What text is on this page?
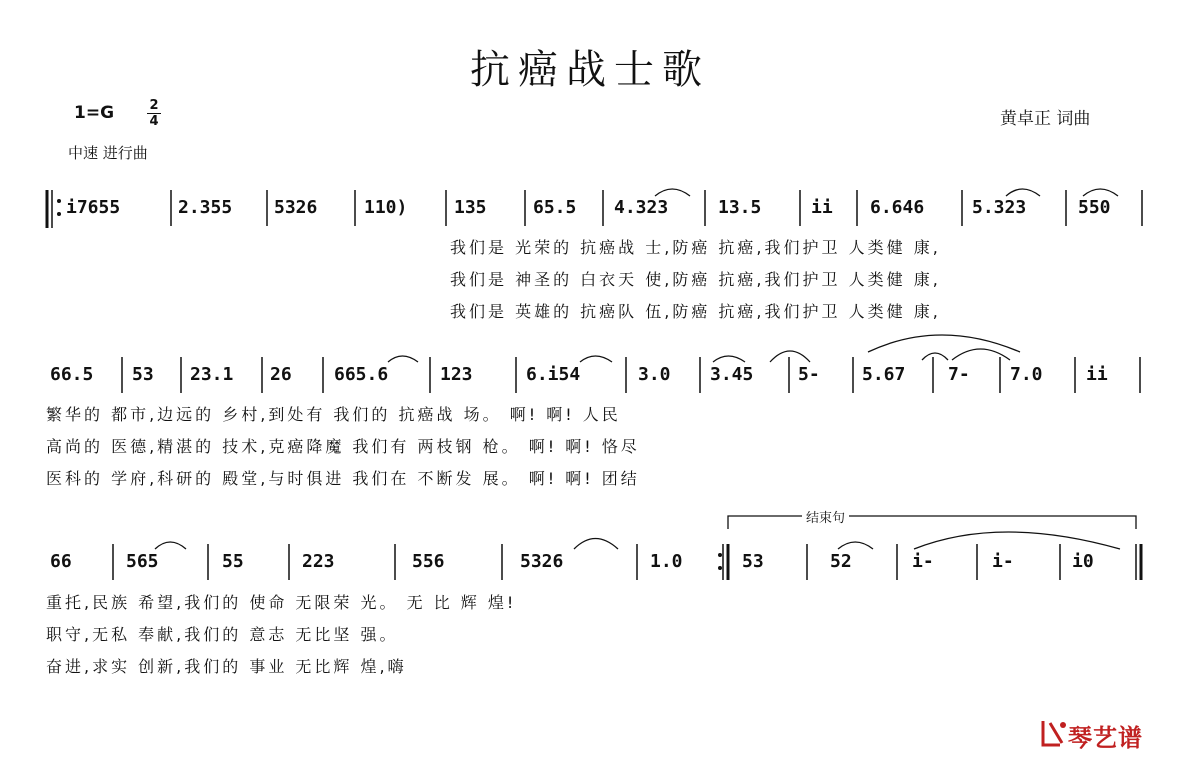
抗癌战士歌
1=G	2
4
中速 进行曲
黄卓正 词曲
i7655	2.355 5326	110)	135	65.5 4.323	13.5	ii 6.646	5.323	550
我们是 光荣的 抗癌战 士,防癌 抗癌,我们护卫 人类健 康,
我们是 神圣的 白衣天 使,防癌 抗癌,我们护卫 人类健 康,
我们是 英雄的 抗癌队 伍,防癌 抗癌,我们护卫 人类健 康,
66.5 53 23.1 26 665.6	123	6.i54	3.0 3.45 5- 5.67 7- 7.0 ii
繁华的 都市,边远的 乡村,到处有 我们的 抗癌战 场。 啊! 啊! 人民
高尚的 医德,精湛的 技术,克癌降魔 我们有 两枝钢 枪。 啊! 啊! 恪尽
医科的 学府,科研的 殿堂,与时俱进 我们在 不断发 展。 啊! 啊! 团结
结束句
66	565	55	223	556	5326	1.0	53	52	i-	i-	i0
重托,民族 希望,我们的 使命 无限荣 光。 无 比 辉 煌!
职守,无私 奉献,我们的 意志 无比坚 强。
奋进,求实 创新,我们的 事业 无比辉 煌,嗨
琴艺谱
